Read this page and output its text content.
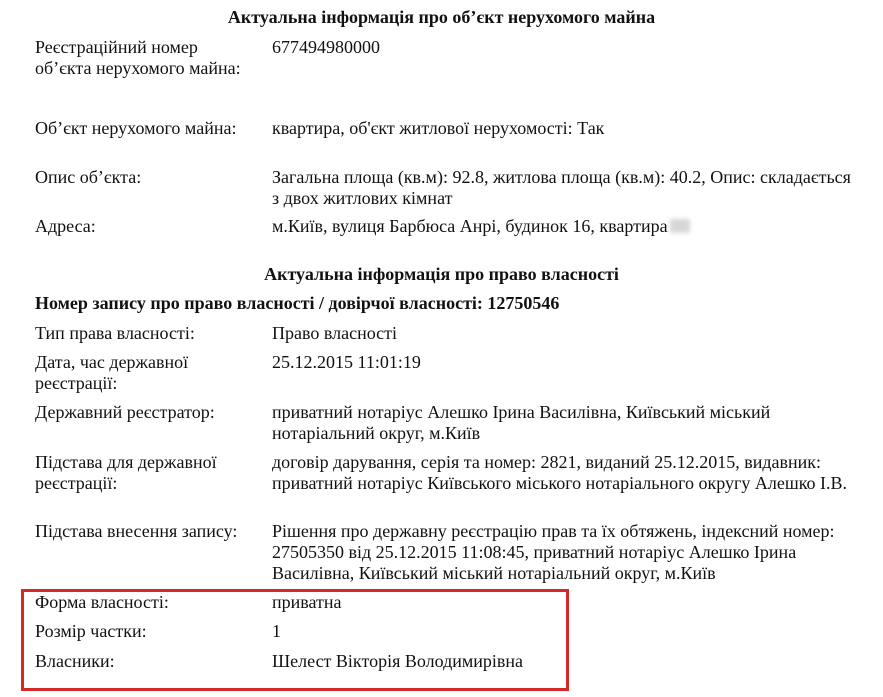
Актуальна інформація про об’єкт нерухомого майна
Реєстраційний номер об’єкта нерухомого майна:
677494980000
Об’єкт нерухомого майна:	квартира, об'єкт житлової нерухомості: Так
Опис об’єкта:	Загальна площа (кв.м): 92.8, житлова площа (кв.м): 40.2, Опис: складається з двох житлових кімнат
Адреса:	м.Київ, вулиця Барбюса Анрі, будинок 16, квартира
Актуальна інформація про право власності
Номер запису про право власності / довірчої власності: 12750546
Тип права власності:	Право власності
Дата, час державної реєстрації:
25.12.2015 11:01:19
Державний реєстратор:	приватний нотаріус Алешко Ірина Василівна, Київський міський нотаріальний округ, м.Київ
Підстава для державної реєстрації:
договір дарування, серія та номер: 2821, виданий 25.12.2015, видавник: приватний нотаріус Київського міського нотаріального округу Алешко І.В.
Підстава внесення запису:	Рішення про державну реєстрацію прав та їх обтяжень, індексний номер: 27505350 від 25.12.2015 11:08:45, приватний нотаріус Алешко Ірина Василівна, Київський міський нотаріальний округ, м.Київ
Форма власності:	приватна
Розмір частки:	1
Власники:	Шелест Вікторія Володимирівна
